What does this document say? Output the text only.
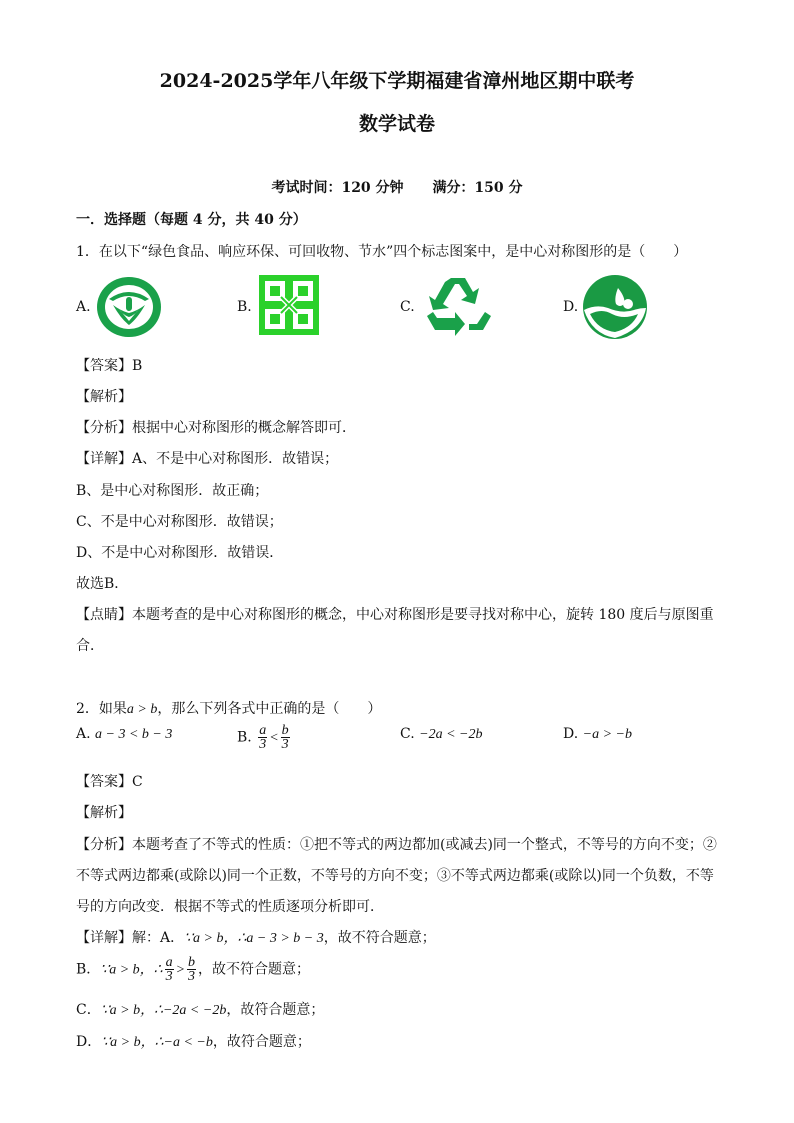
2024-2025学年八年级下学期福建省漳州地区期中联考
数学试卷
考试时间：120 分钟 满分：150 分
一．选择题（每题 4 分，共 40 分）
1．在以下“绿色食品、响应环保、可回收物、节水”四个标志图案中，是中心对称图形的是（　　）
A.	B.	C.	D.
【答案】B
【解析】
【分析】根据中心对称图形的概念解答即可．
【详解】A、不是中心对称图形．故错误；
B、是中心对称图形．故正确；
C、不是中心对称图形．故错误；
D、不是中心对称图形．故错误．
故选B．
【点睛】本题考查的是中心对称图形的概念，中心对称图形是要寻找对称中心，旋转 180 度后与原图重
合．
2．如果a > b，那么下列各式中正确的是（　　）
A. a − 3 < b − 3	B. $\frac{a}{3} < \frac{b}{3}$	C. −2a < −2b	D. −a > −b
【答案】C
【解析】
【分析】本题考查了不等式的性质：①把不等式的两边都加(或减去)同一个整式，不等号的方向不变；②
不等式两边都乘(或除以)同一个正数，不等号的方向不变；③不等式两边都乘(或除以)同一个负数，不等
号的方向改变．根据不等式的性质逐项分析即可．
【详解】解：A．∵a > b，∴a − 3 > b − 3，故不符合题意；
B．∵a > b，∴ $\frac{a}{3} > \frac{b}{3}$ ，故不符合题意；
C．∵a > b，∴−2a < −2b，故符合题意；
D．∵a > b，∴−a < −b，故符合题意；
